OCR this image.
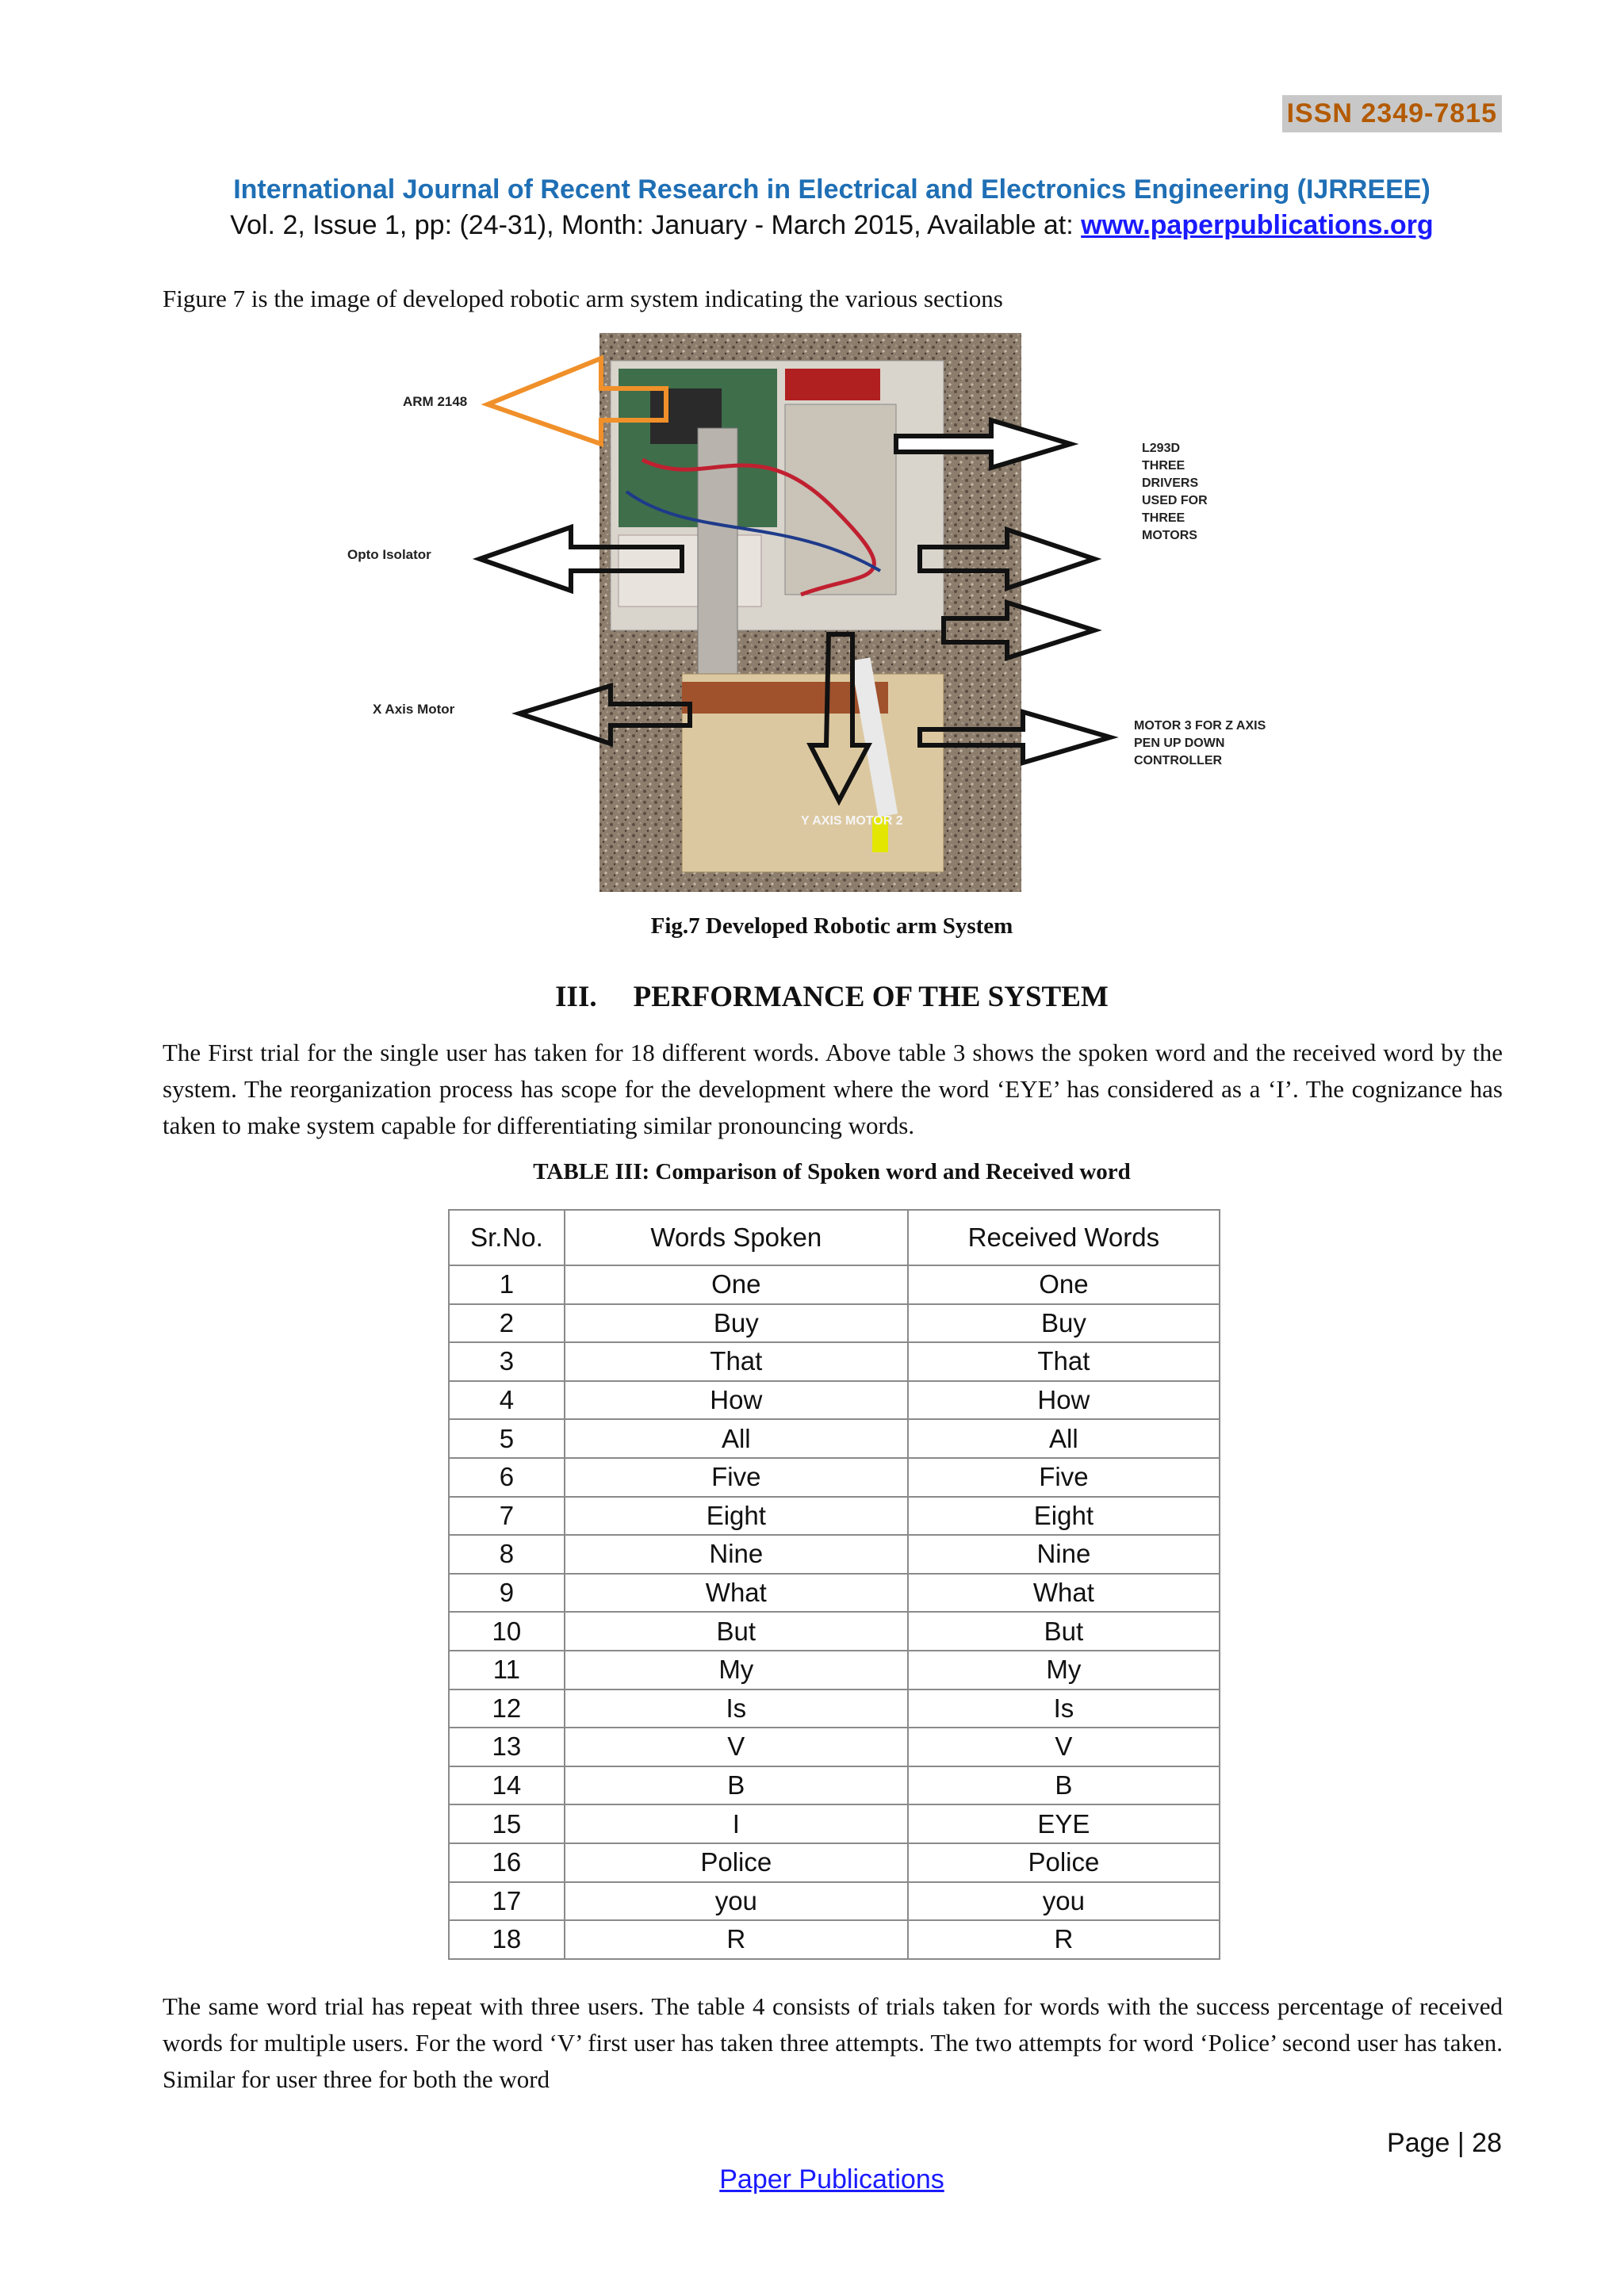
ISSN 2349-7815
International Journal of Recent Research in Electrical and Electronics Engineering (IJRREEE)
Vol. 2, Issue 1, pp: (24-31), Month: January - March 2015, Available at: www.paperpublications.org
Figure 7 is the image of developed robotic arm system indicating the various sections
ARM 2148
L293D THREE DRIVERS USED FOR THREE MOTORS
MOTOR 3 FOR Z AXIS PEN UP DOWN CONTROLLER
Opto Isolator
X Axis Motor
Y AXIS MOTOR 2
Fig.7 Developed Robotic arm System
III. PERFORMANCE OF THE SYSTEM
The First trial for the single user has taken for 18 different words. Above table 3 shows the spoken word and the received word by the system. The reorganization process has scope for the development where the word ‘EYE’ has considered as a ‘I’. The cognizance has taken to make system capable for differentiating similar pronouncing words.
TABLE III: Comparison of Spoken word and Received word
Sr.No.	Words Spoken	Received Words
1	One	One
2	Buy	Buy
3	That	That
4	How	How
5	All	All
6	Five	Five
7	Eight	Eight
8	Nine	Nine
9	What	What
10	But	But
11	My	My
12	Is	Is
13	V	V
14	B	B
15	I	EYE
16	Police	Police
17	you	you
18	R	R
The same word trial has repeat with three users. The table 4 consists of trials taken for words with the success percentage of received words for multiple users. For the word ‘V’ first user has taken three attempts. The two attempts for word ‘Police’ second user has taken. Similar for user three for both the word
Page | 28
Paper Publications
